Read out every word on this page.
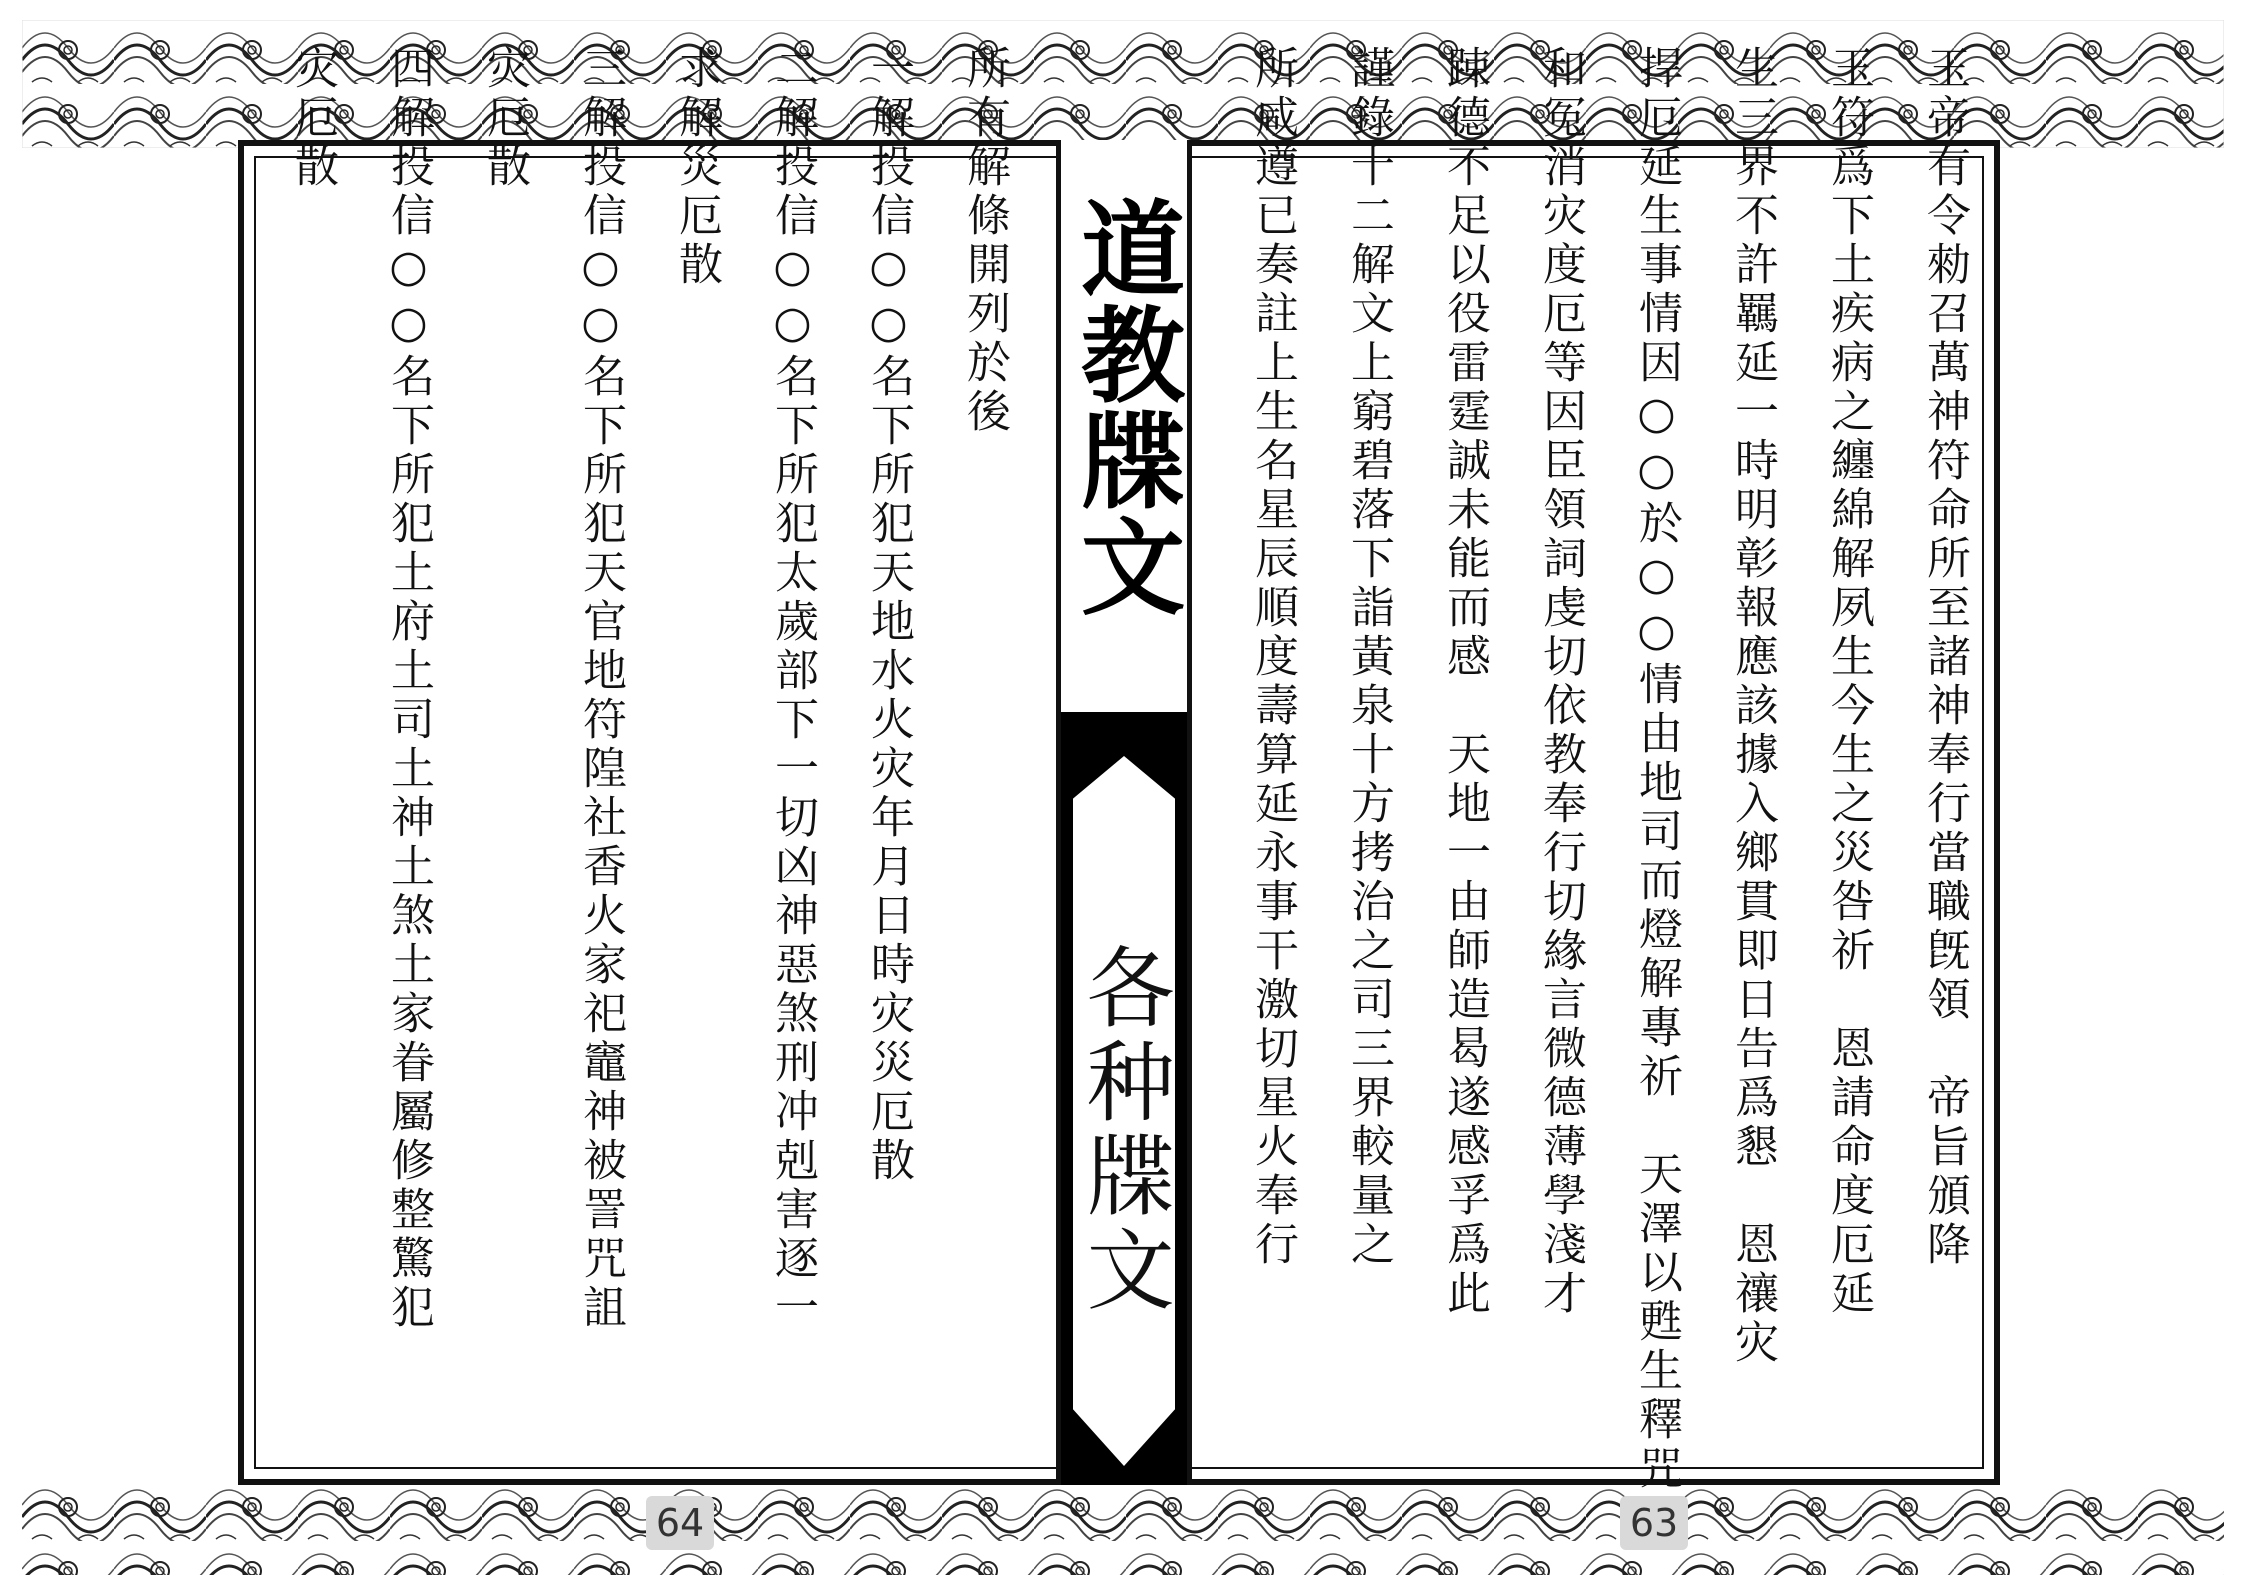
玉帝有令勑召萬神符命所至諸神奉行當職旣領　帝旨頒降
玉符爲下土疾病之纏綿解夙生今生之災咎祈　恩請命度厄延
生三界不許羈延一時明彰報應該據入鄉貫即日告爲懇　恩禳灾
捍厄延生事情因○○於○○情由地司而燈解專祈　天澤以甦生釋咒
和冤消灾度厄等因臣領詞虔切依教奉行切緣言微德薄學淺才
踈德不足以役雷霆誠未能而感　天地一由師造曷遂感孚爲此
謹錄十二解文上窮碧落下詣黃泉十方拷治之司三界較量之
所咸遵已奏註上生名星辰順度壽算延永事干激切星火奉行
道教牒文
各种牒文
所有解條開列於後
一解投信○○名下所犯天地水火灾年月日時灾災厄散
二解投信○○名下所犯太歲部下一切凶神惡煞刑冲剋害逐一
求解災厄散
三解投信○○名下所犯天官地符隍社香火家祀竈神被詈咒詛
灾厄散
四解投信○○名下所犯土府土司土神土煞土家眷屬修整驚犯
灾厄散
64	63
